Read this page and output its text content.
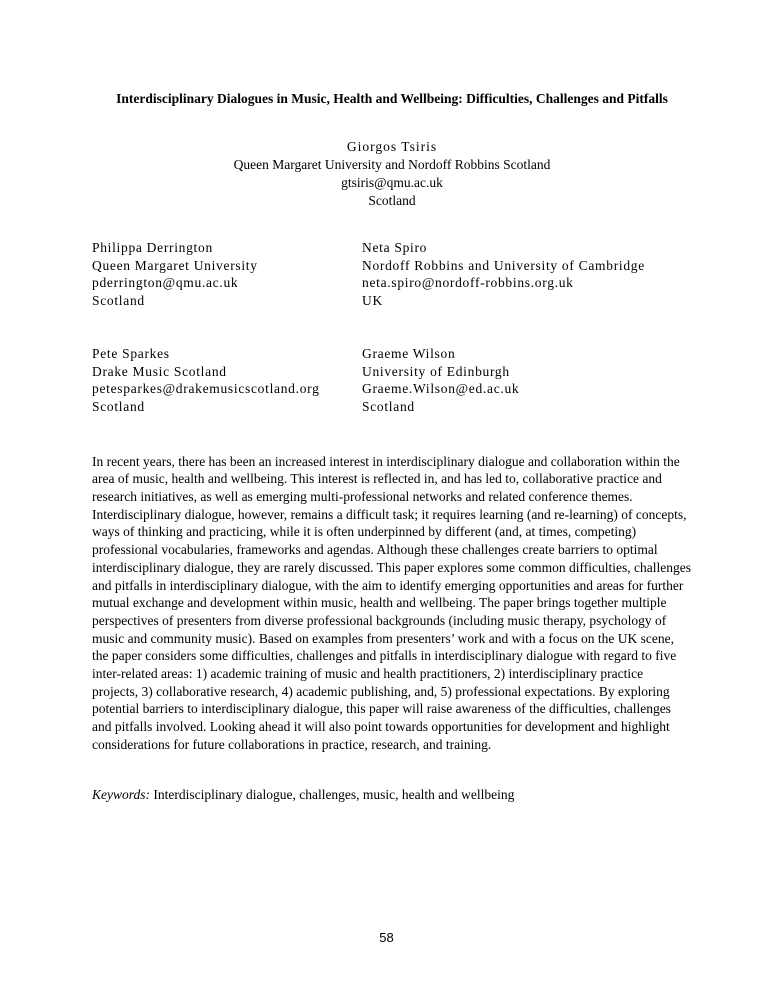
Interdisciplinary Dialogues in Music, Health and Wellbeing: Difficulties, Challenges and Pitfalls
Giorgos Tsiris
Queen Margaret University and Nordoff Robbins Scotland
gtsiris@qmu.ac.uk
Scotland
Philippa Derrington
Queen Margaret University
pderrington@qmu.ac.uk
Scotland
Neta Spiro
Nordoff Robbins and University of Cambridge
neta.spiro@nordoff-robbins.org.uk
UK
Pete Sparkes
Drake Music Scotland
petesparkes@drakemusicscotland.org
Scotland
Graeme Wilson
University of Edinburgh
Graeme.Wilson@ed.ac.uk
Scotland
In recent years, there has been an increased interest in interdisciplinary dialogue and collaboration within the area of music, health and wellbeing. This interest is reflected in, and has led to, collaborative practice and research initiatives, as well as emerging multi-professional networks and related conference themes. Interdisciplinary dialogue, however, remains a difficult task; it requires learning (and re-learning) of concepts, ways of thinking and practicing, while it is often underpinned by different (and, at times, competing) professional vocabularies, frameworks and agendas. Although these challenges create barriers to optimal interdisciplinary dialogue, they are rarely discussed. This paper explores some common difficulties, challenges and pitfalls in interdisciplinary dialogue, with the aim to identify emerging opportunities and areas for further mutual exchange and development within music, health and wellbeing. The paper brings together multiple perspectives of presenters from diverse professional backgrounds (including music therapy, psychology of music and community music). Based on examples from presenters’ work and with a focus on the UK scene, the paper considers some difficulties, challenges and pitfalls in interdisciplinary dialogue with regard to five inter-related areas: 1) academic training of music and health practitioners, 2) interdisciplinary practice projects, 3) collaborative research, 4) academic publishing, and, 5) professional expectations. By exploring potential barriers to interdisciplinary dialogue, this paper will raise awareness of the difficulties, challenges and pitfalls involved. Looking ahead it will also point towards opportunities for development and highlight considerations for future collaborations in practice, research, and training.
Keywords: Interdisciplinary dialogue, challenges, music, health and wellbeing
58
